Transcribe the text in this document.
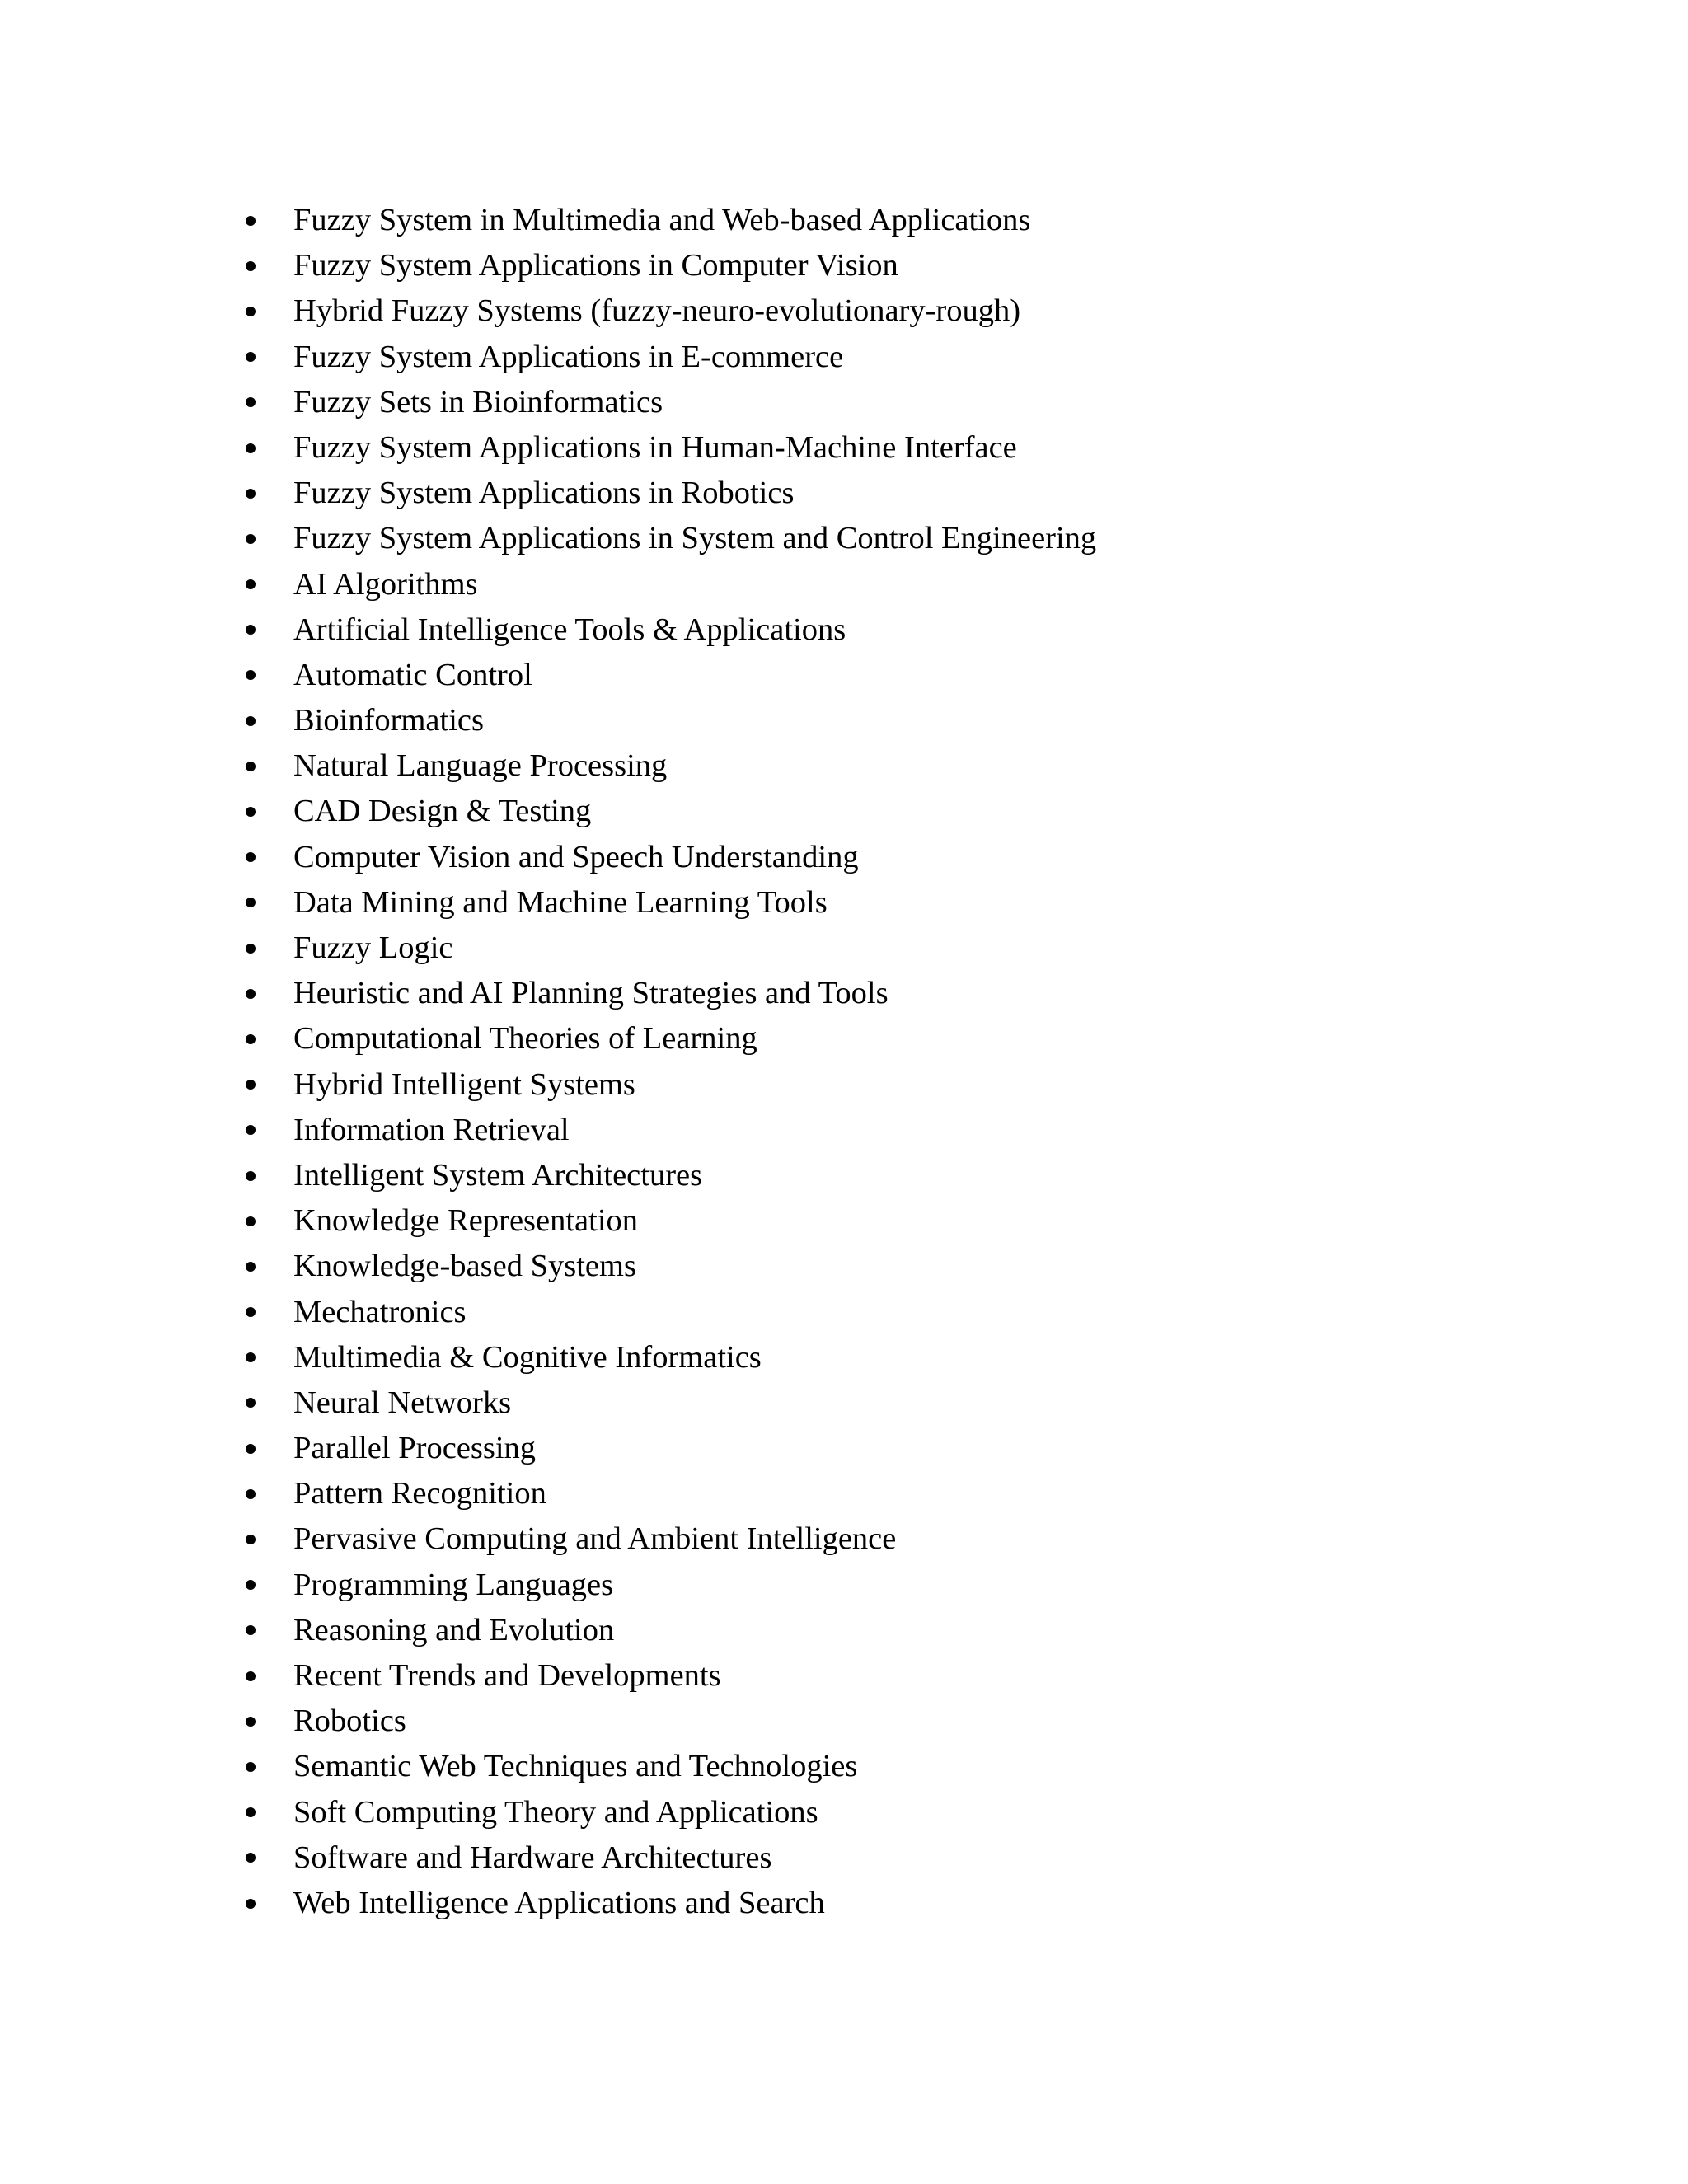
Fuzzy System in Multimedia and Web-based Applications
Fuzzy System Applications in Computer Vision
Hybrid Fuzzy Systems (fuzzy-neuro-evolutionary-rough)
Fuzzy System Applications in E-commerce
Fuzzy Sets in Bioinformatics
Fuzzy System Applications in Human-Machine Interface
Fuzzy System Applications in Robotics
Fuzzy System Applications in System and Control Engineering
AI Algorithms
Artificial Intelligence Tools & Applications
Automatic Control
Bioinformatics
Natural Language Processing
CAD Design & Testing
Computer Vision and Speech Understanding
Data Mining and Machine Learning Tools
Fuzzy Logic
Heuristic and AI Planning Strategies and Tools
Computational Theories of Learning
Hybrid Intelligent Systems
Information Retrieval
Intelligent System Architectures
Knowledge Representation
Knowledge-based Systems
Mechatronics
Multimedia & Cognitive Informatics
Neural Networks
Parallel Processing
Pattern Recognition
Pervasive Computing and Ambient Intelligence
Programming Languages
Reasoning and Evolution
Recent Trends and Developments
Robotics
Semantic Web Techniques and Technologies
Soft Computing Theory and Applications
Software and Hardware Architectures
Web Intelligence Applications and Search
